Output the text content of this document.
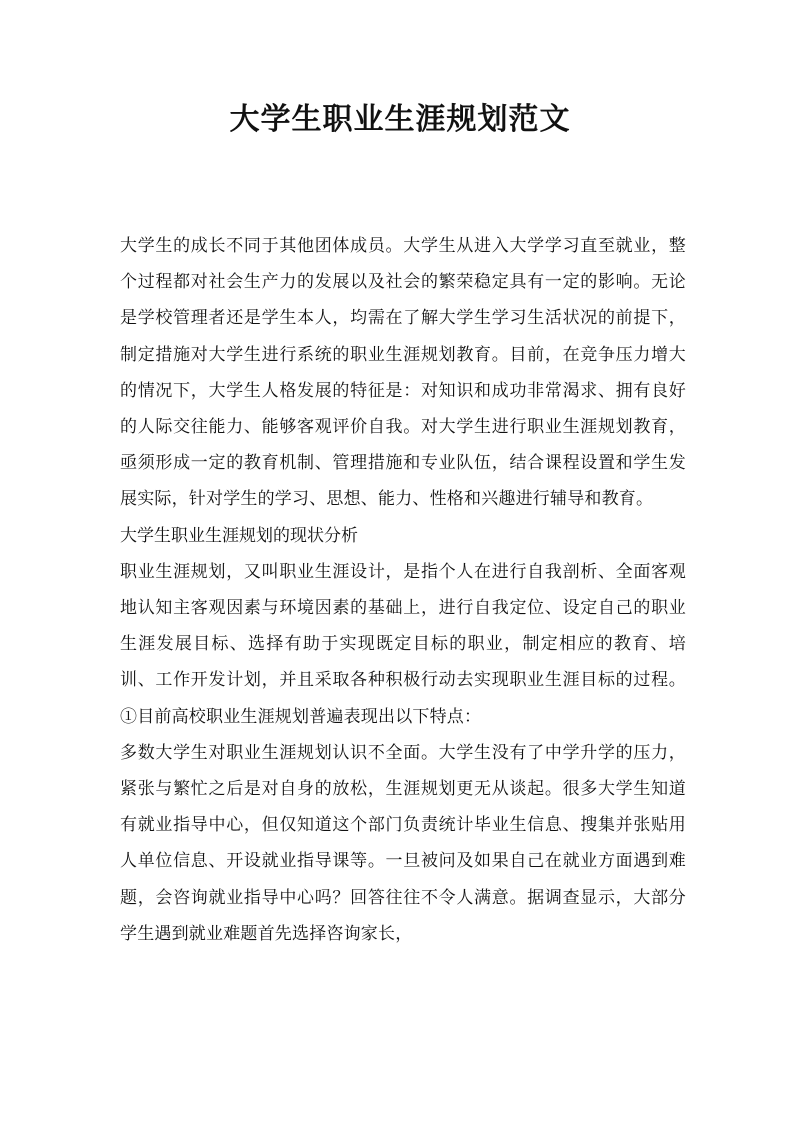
大学生职业生涯规划范文

大学生的成长不同于其他团体成员。大学生从进入大学学习直至就业，整个过程都对社会生产力的发展以及社会的繁荣稳定具有一定的影响。无论是学校管理者还是学生本人，均需在了解大学生学习生活状况的前提下，制定措施对大学生进行系统的职业生涯规划教育。目前，在竞争压力增大的情况下，大学生人格发展的特征是：对知识和成功非常渴求、拥有良好的人际交往能力、能够客观评价自我。对大学生进行职业生涯规划教育，亟须形成一定的教育机制、管理措施和专业队伍，结合课程设置和学生发展实际，针对学生的学习、思想、能力、性格和兴趣进行辅导和教育。

大学生职业生涯规划的现状分析

职业生涯规划，又叫职业生涯设计，是指个人在进行自我剖析、全面客观地认知主客观因素与环境因素的基础上，进行自我定位、设定自己的职业生涯发展目标、选择有助于实现既定目标的职业，制定相应的教育、培训、工作开发计划，并且采取各种积极行动去实现职业生涯目标的过程。①目前高校职业生涯规划普遍表现出以下特点：

多数大学生对职业生涯规划认识不全面。大学生没有了中学升学的压力，紧张与繁忙之后是对自身的放松，生涯规划更无从谈起。很多大学生知道有就业指导中心，但仅知道这个部门负责统计毕业生信息、搜集并张贴用人单位信息、开设就业指导课等。一旦被问及如果自己在就业方面遇到难题，会咨询就业指导中心吗？回答往往不令人满意。据调查显示，大部分学生遇到就业难题首先选择咨询家长，
